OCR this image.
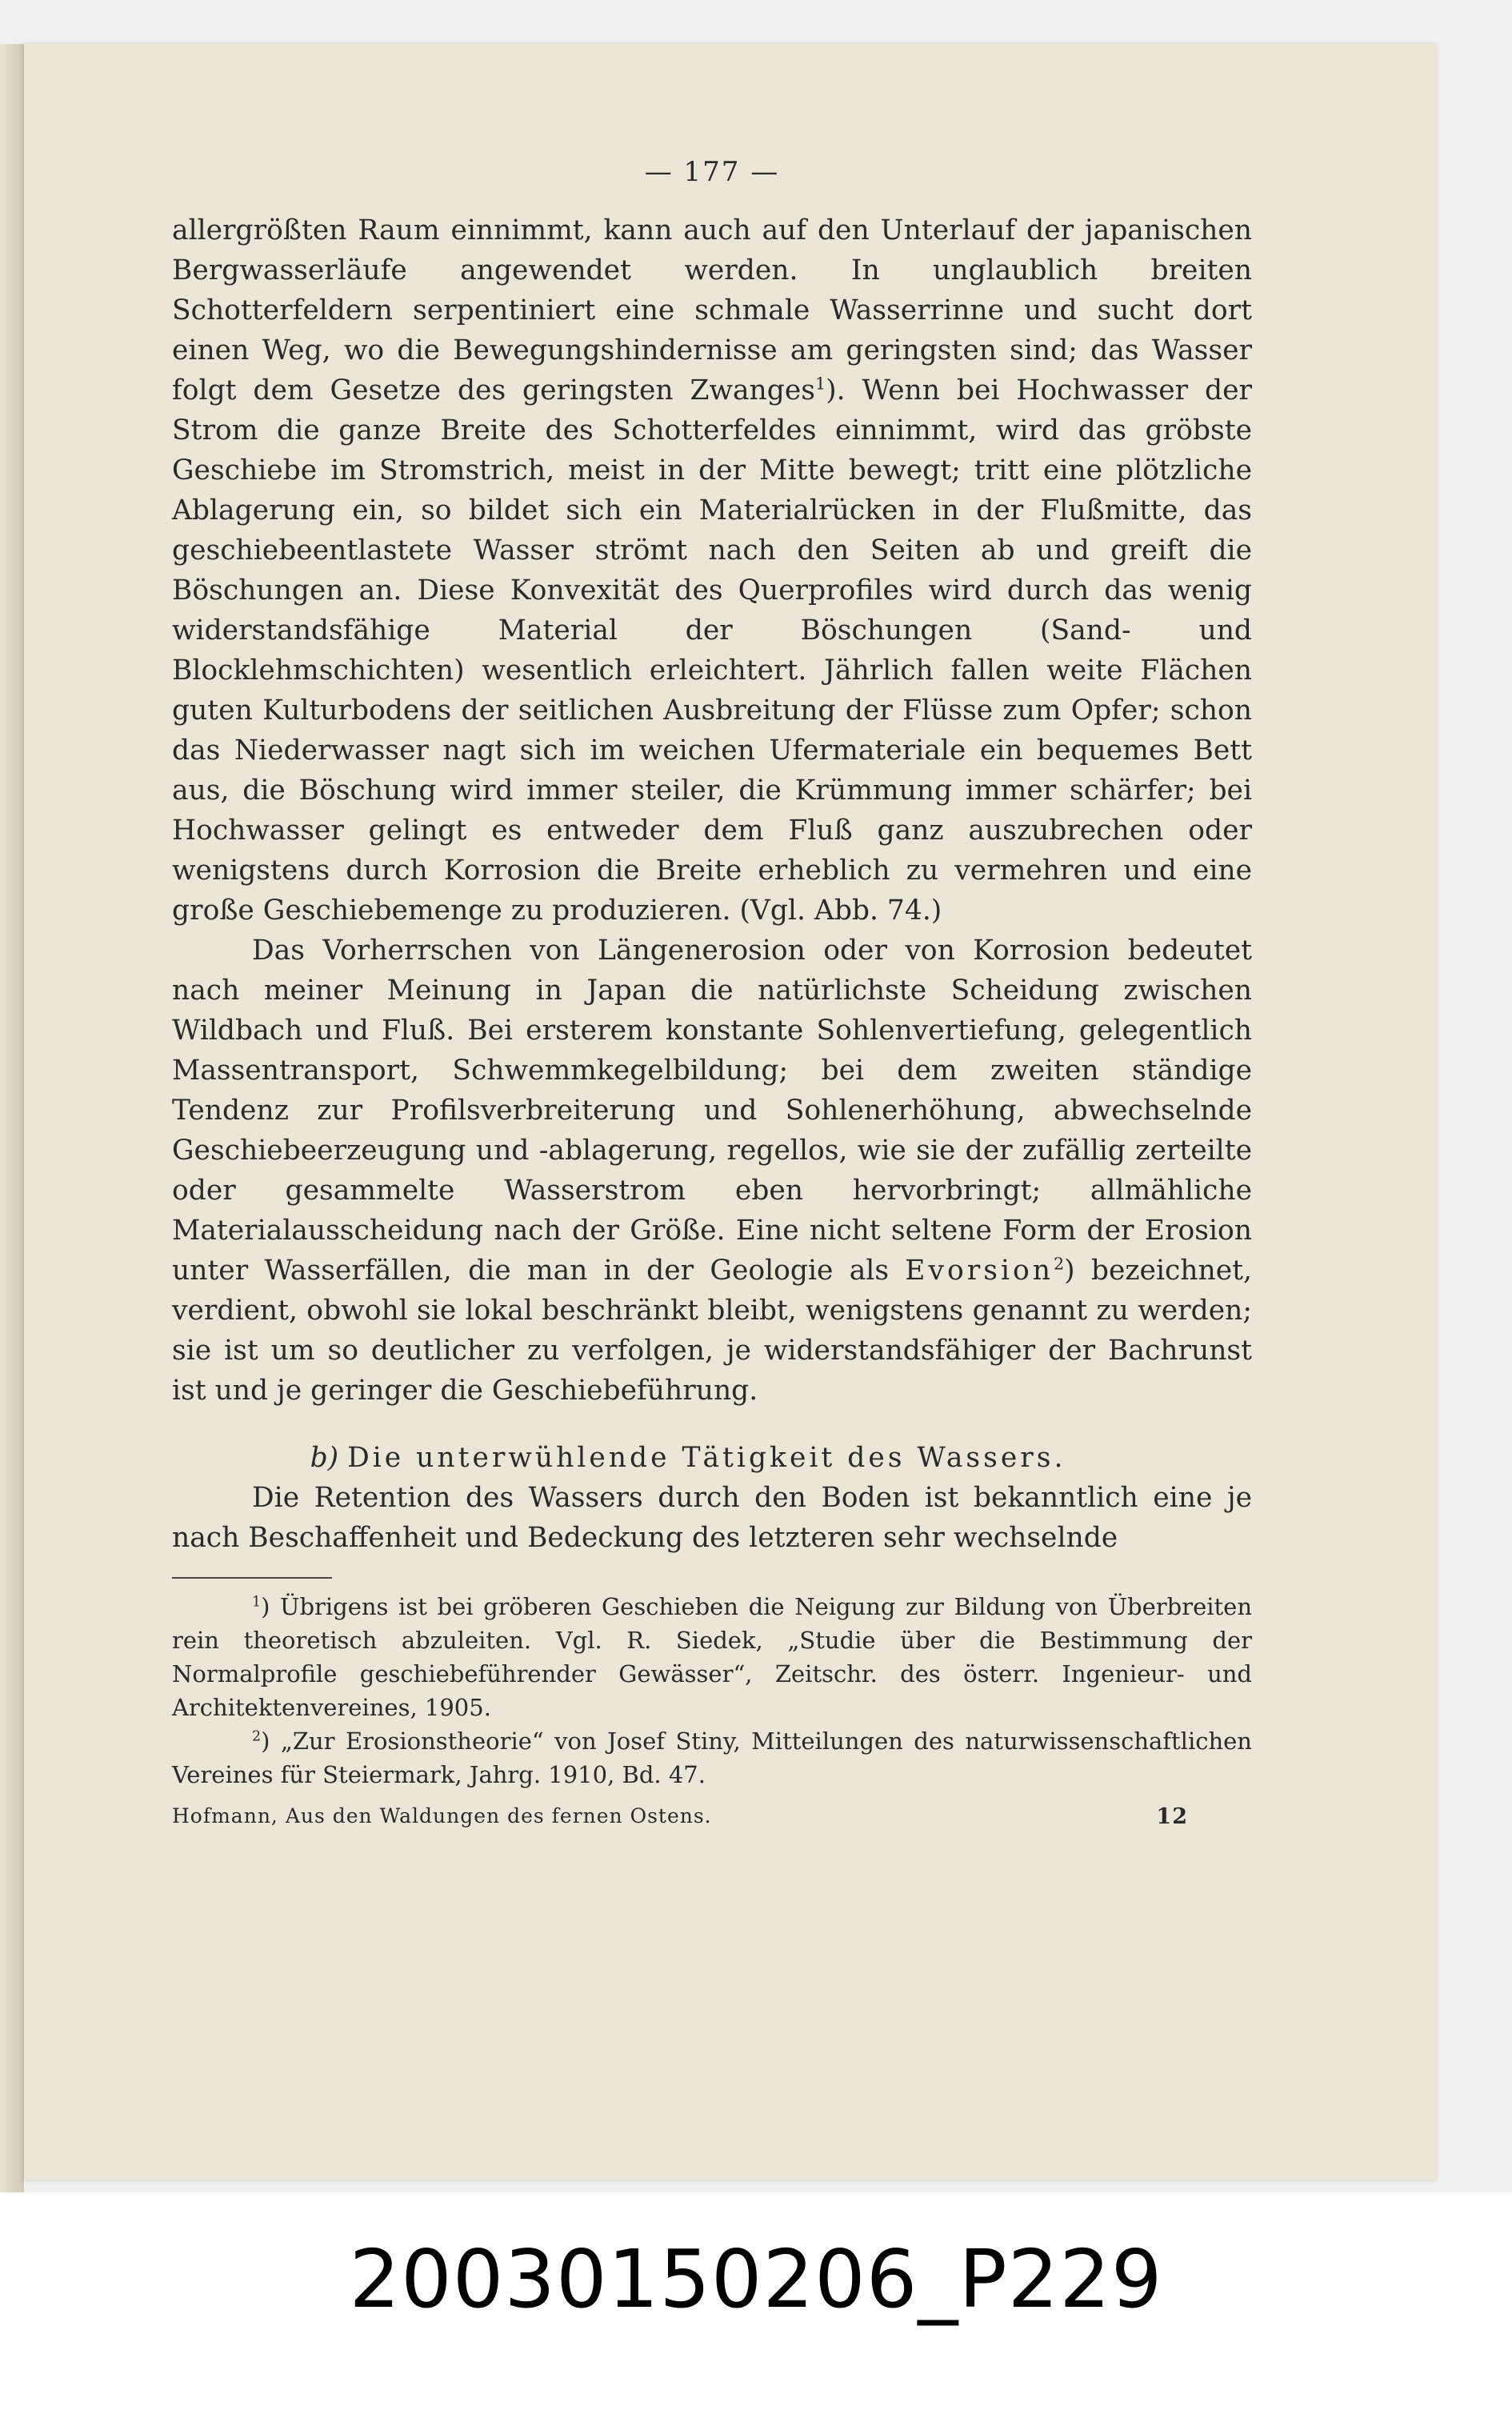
— 177 —

allergrößten Raum einnimmt, kann auch auf den Unterlauf der japanischen Bergwasserläufe angewendet werden. In unglaublich breiten Schotterfeldern serpentiniert eine schmale Wasserrinne und sucht dort einen Weg, wo die Bewegungshindernisse am geringsten sind; das Wasser folgt dem Gesetze des geringsten Zwanges$^1$). Wenn bei Hochwasser der Strom die ganze Breite des Schotterfeldes einnimmt, wird das gröbste Geschiebe im Stromstrich, meist in der Mitte bewegt; tritt eine plötzliche Ablagerung ein, so bildet sich ein Materialrücken in der Flußmitte, das geschiebeentlastete Wasser strömt nach den Seiten ab und greift die Böschungen an. Diese Konvexität des Querprofiles wird durch das wenig widerstandsfähige Material der Böschungen (Sand- und Blocklehmschichten) wesentlich erleichtert. Jährlich fallen weite Flächen guten Kulturbodens der seitlichen Ausbreitung der Flüsse zum Opfer; schon das Niederwasser nagt sich im weichen Ufermateriale ein bequemes Bett aus, die Böschung wird immer steiler, die Krümmung immer schärfer; bei Hochwasser gelingt es entweder dem Fluß ganz auszubrechen oder wenigstens durch Korrosion die Breite erheblich zu vermehren und eine große Geschiebemenge zu produzieren. (Vgl. Abb. 74.)

Das Vorherrschen von Längenerosion oder von Korrosion bedeutet nach meiner Meinung in Japan die natürlichste Scheidung zwischen Wildbach und Fluß. Bei ersterem konstante Sohlenvertiefung, gelegentlich Massentransport, Schwemmkegelbildung; bei dem zweiten ständige Tendenz zur Profilsverbreiterung und Sohlenerhöhung, abwechselnde Geschiebeerzeugung und -ablagerung, regellos, wie sie der zufällig zerteilte oder gesammelte Wasserstrom eben hervorbringt; allmähliche Materialausscheidung nach der Größe. Eine nicht seltene Form der Erosion unter Wasserfällen, die man in der Geologie als Evorsion$^2$) bezeichnet, verdient, obwohl sie lokal beschränkt bleibt, wenigstens genannt zu werden; sie ist um so deutlicher zu verfolgen, je widerstandsfähiger der Bachrunst ist und je geringer die Geschiebeführung.

b) Die unterwühlende Tätigkeit des Wassers.

Die Retention des Wassers durch den Boden ist bekanntlich eine je nach Beschaffenheit und Bedeckung des letzteren sehr wechselnde

$^1$) Übrigens ist bei gröberen Geschieben die Neigung zur Bildung von Überbreiten rein theoretisch abzuleiten. Vgl. R. Siedek, „Studie über die Bestimmung der Normalprofile geschiebeführender Gewässer“, Zeitschr. des österr. Ingenieur- und Architektenvereines, 1905.

$^2$) „Zur Erosionstheorie“ von Josef Stiny, Mitteilungen des naturwissenschaftlichen Vereines für Steiermark, Jahrg. 1910, Bd. 47.

Hofmann, Aus den Waldungen des fernen Ostens.	12
20030150206_P229
